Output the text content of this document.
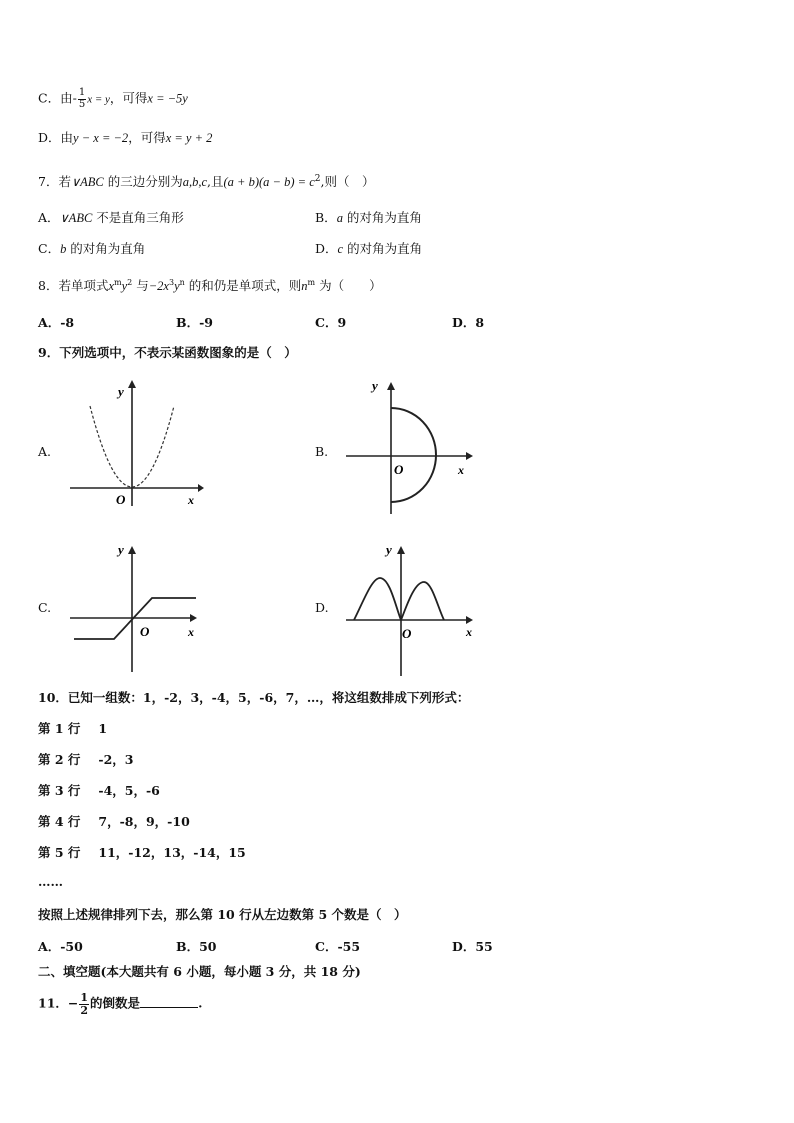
C．由- $\frac{1}{5}$ x = y，可得x = −5y
D．由y − x = −2，可得x = y + 2
7．若∨ABC 的三边分别为a,b,c,且$(a + b)(a - b) = c^2$,则（　）
A．∨ABC 不是直角三角形	B．a 的对角为直角
C．b 的对角为直角	D．c 的对角为直角
8．若单项式$x^my^2$ 与$-2x^3y^n$ 的和仍是单项式，则$n^m$ 为（　　）
A．-8	B．-9	C．9	D．8
9．下列选项中，不表示某函数图象的是（　）
A.	B.
C.	D.
y
x
O
y
x
O
y
x
O
y
x
O
10．已知一组数：1，-2，3，-4，5，-6，7，…，将这组数排成下列形式：
第 1 行 1
第 2 行 -2，3
第 3 行 -4，5，-6
第 4 行 7，-8，9，-10
第 5 行 11，-12，13，-14，15
……
按照上述规律排列下去，那么第 10 行从左边数第 5 个数是（　）
A．-50	B．50	C．-55	D．55
二、填空题(本大题共有 6 小题，每小题 3 分，共 18 分)
11．− $\frac{1}{2}$ 的倒数是	.
